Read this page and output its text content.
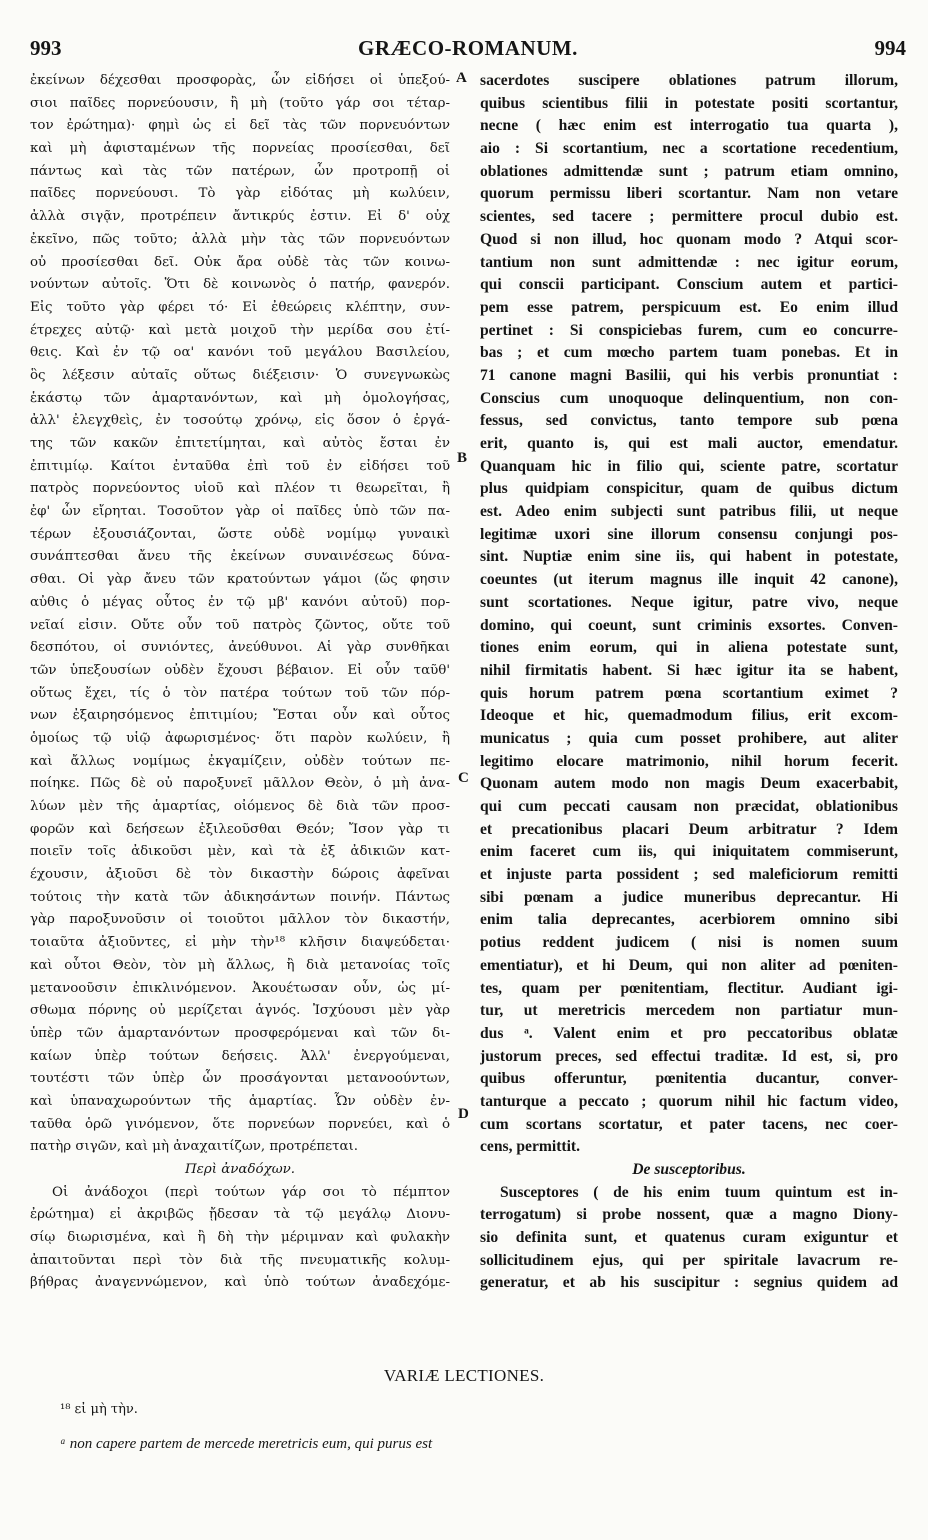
993	GRÆCO-ROMANUM.	994
ἐκείνων δέχεσθαι προσφορὰς, ὧν εἰδήσει οἱ ὑπεξού-
σιοι παῖδες πορνεύουσιν, ἢ μὴ (τοῦτο γάρ σοι τέταρ-
τον ἐρώτημα)· φημὶ ὡς εἰ δεῖ τὰς τῶν πορνευόντων
καὶ μὴ ἀφισταμένων τῆς πορνείας προσίεσθαι, δεῖ
πάντως καὶ τὰς τῶν πατέρων, ὧν προτροπῇ οἱ
παῖδες πορνεύουσι. Τὸ γὰρ εἰδότας μὴ κωλύειν,
ἀλλὰ σιγᾷν, προτρέπειν ἄντικρύς ἐστιν. Εἰ δ' οὐχ
ἐκεῖνο, πῶς τοῦτο; ἀλλὰ μὴν τὰς τῶν πορνευόντων
οὐ προσίεσθαι δεῖ. Οὐκ ἄρα οὐδὲ τὰς τῶν κοινω-
νούντων αὐτοῖς. Ὅτι δὲ κοινωνὸς ὁ πατήρ, φανερόν.
Εἰς τοῦτο γὰρ φέρει τό· Εἰ ἐθεώρεις κλέπτην, συν-
έτρεχες αὐτῷ· καὶ μετὰ μοιχοῦ τὴν μερίδα σου ἐτί-
θεις. Καὶ ἐν τῷ οα' κανόνι τοῦ μεγάλου Βασιλείου,
ὃς λέξεσιν αὐταῖς οὕτως διέξεισιν· Ὁ συνεγνωκὼς
ἑκάστῳ τῶν ἁμαρτανόντων, καὶ μὴ ὁμολογήσας,
ἀλλ' ἐλεγχθεὶς, ἐν τοσούτῳ χρόνῳ, εἰς ὅσον ὁ ἐργά-
της τῶν κακῶν ἐπιτετίμηται, καὶ αὐτὸς ἔσται ἐν
ἐπιτιμίῳ. Καίτοι ἐνταῦθα ἐπὶ τοῦ ἐν εἰδήσει τοῦ
πατρὸς πορνεύοντος υἱοῦ καὶ πλέον τι θεωρεῖται, ἢ
ἐφ' ὧν εἴρηται. Τοσοῦτον γὰρ οἱ παῖδες ὑπὸ τῶν πα-
τέρων ἐξουσιάζονται, ὥστε οὐδὲ νομίμῳ γυναικὶ
συνάπτεσθαι ἄνευ τῆς ἐκείνων συναινέσεως δύνα-
σθαι. Οἱ γὰρ ἄνευ τῶν κρατούντων γάμοι (ὥς φησιν
αὐθις ὁ μέγας οὗτος ἐν τῷ μβ' κανόνι αὐτοῦ) πορ-
νεῖαί εἰσιν. Οὔτε οὖν τοῦ πατρὸς ζῶντος, οὔτε τοῦ
δεσπότου, οἱ συνιόντες, ἀνεύθυνοι. Αἱ γὰρ συνθῆκαι
τῶν ὑπεξουσίων οὐδὲν ἔχουσι βέβαιον. Εἰ οὖν ταῦθ'
οὕτως ἔχει, τίς ὁ τὸν πατέρα τούτων τοῦ τῶν πόρ-
νων ἐξαιρησόμενος ἐπιτιμίου; Ἔσται οὖν καὶ οὗτος
ὁμοίως τῷ υἱῷ ἀφωρισμένος· ὅτι παρὸν κωλύειν, ἢ
καὶ ἄλλως νομίμως ἐκγαμίζειν, οὐδὲν τούτων πε-
ποίηκε. Πῶς δὲ οὐ παροξυνεῖ μᾶλλον Θεὸν, ὁ μὴ ἀνα-
λύων μὲν τῆς ἁμαρτίας, οἰόμενος δὲ διὰ τῶν προσ-
φορῶν καὶ δεήσεων ἐξιλεοῦσθαι Θεόν; Ἴσον γὰρ τι
ποιεῖν τοῖς ἀδικοῦσι μὲν, καὶ τὰ ἐξ ἀδικιῶν κατ-
έχουσιν, ἀξιοῦσι δὲ τὸν δικαστὴν δώροις ἀφεῖναι
τούτοις τὴν κατὰ τῶν ἀδικησάντων ποινήν. Πάντως
γὰρ παροξυνοῦσιν οἱ τοιοῦτοι μᾶλλον τὸν δικαστήν,
τοιαῦτα ἀξιοῦντες, εἰ μὴν τὴν¹⁸ κλῆσιν διαψεύδεται·
καὶ οὗτοι Θεὸν, τὸν μὴ ἄλλως, ἢ διὰ μετανοίας τοῖς
μετανοοῦσιν ἐπικλινόμενον. Ἀκουέτωσαν οὖν, ὡς μί-
σθωμα πόρνης οὐ μερίζεται ἁγνός. Ἰσχύουσι μὲν γὰρ
ὑπὲρ τῶν ἁμαρτανόντων προσφερόμεναι καὶ τῶν δι-
καίων ὑπὲρ τούτων δεήσεις. Ἀλλ' ἐνεργούμεναι,
τουτέστι τῶν ὑπὲρ ὧν προσάγονται μετανοούντων,
καὶ ὑπαναχωρούντων τῆς ἁμαρτίας. Ὧν οὐδὲν ἐν-
ταῦθα ὁρῶ γινόμενον, ὅτε πορνεύων πορνεύει, καὶ ὁ
πατὴρ σιγῶν, καὶ μὴ ἀναχαιτίζων, προτρέπεται.
Περὶ ἀναδόχων.
Οἱ ἀνάδοχοι (περὶ τούτων γάρ σοι τὸ πέμπτον
ἐρώτημα) εἰ ἀκριβῶς ᾔδεσαν τὰ τῷ μεγάλῳ Διονυ-
σίῳ διωρισμένα, καὶ ἢ δὴ τὴν μέριμναν καὶ φυλακὴν
ἀπαιτοῦνται περὶ τὸν διὰ τῆς πνευματικῆς κολυμ-
βήθρας ἀναγεννώμενον, καὶ ὑπὸ τούτων ἀναδεχόμε-
sacerdotes suscipere oblationes patrum illorum,
quibus scientibus filii in potestate positi scortantur,
necne ( hæc enim est interrogatio tua quarta ),
aio : Si scortantium, nec a scortatione recedentium,
oblationes admittendæ sunt ; patrum etiam omnino,
quorum permissu liberi scortantur. Nam non vetare
scientes, sed tacere ; permittere procul dubio est.
Quod si non illud, hoc quonam modo ? Atqui scor-
tantium non sunt admittendæ : nec igitur eorum,
qui conscii participant. Conscium autem et partici-
pem esse patrem, perspicuum est. Eo enim illud
pertinet : Si conspiciebas furem, cum eo concurre-
bas ; et cum mœcho partem tuam ponebas. Et in
71 canone magni Basilii, qui his verbis pronuntiat :
Conscius cum unoquoque delinquentium, non con-
fessus, sed convictus, tanto tempore sub pœna
erit, quanto is, qui est mali auctor, emendatur.
Quanquam hic in filio qui, sciente patre, scortatur
plus quidpiam conspicitur, quam de quibus dictum
est. Adeo enim subjecti sunt patribus filii, ut neque
legitimæ uxori sine illorum consensu conjungi pos-
sint. Nuptiæ enim sine iis, qui habent in potestate,
coeuntes (ut iterum magnus ille inquit 42 canone),
sunt scortationes. Neque igitur, patre vivo, neque
domino, qui coeunt, sunt criminis exsortes. Conven-
tiones enim eorum, qui in aliena potestate sunt,
nihil firmitatis habent. Si hæc igitur ita se habent,
quis horum patrem pœna scortantium eximet ?
Ideoque et hic, quemadmodum filius, erit excom-
municatus ; quia cum posset prohibere, aut aliter
legitimo elocare matrimonio, nihil horum fecerit.
Quonam autem modo non magis Deum exacerbabit,
qui cum peccati causam non præcidat, oblationibus
et precationibus placari Deum arbitratur ? Idem
enim faceret cum iis, qui iniquitatem commiserunt,
et injuste parta possident ; sed maleficiorum remitti
sibi pœnam a judice muneribus deprecantur. Hi
enim talia deprecantes, acerbiorem omnino sibi
potius reddent judicem ( nisi is nomen suum
ementiatur), et hi Deum, qui non aliter ad pœniten-
tes, quam per pœnitentiam, flectitur. Audiant igi-
tur, ut meretricis mercedem non partiatur mun-
dus ᵃ. Valent enim et pro peccatoribus oblatæ
justorum preces, sed effectui traditæ. Id est, si, pro
quibus offeruntur, pœnitentia ducantur, conver-
tanturque a peccato ; quorum nihil hic factum video,
cum scortans scortatur, et pater tacens, nec coer-
cens, permittit.
De susceptoribus.
Susceptores ( de his enim tuum quintum est in-
terrogatum) si probe nossent, quæ a magno Diony-
sio definita sunt, et quatenus curam exiguntur et
sollicitudinem ejus, qui per spiritale lavacrum re-
generatur, et ab his suscipitur : segnius quidem ad
A
B
C
D
VARIÆ LECTIONES.
¹⁸ εἰ μὴ τὴν.
ᵃ non capere partem de mercede meretricis eum, qui purus est
